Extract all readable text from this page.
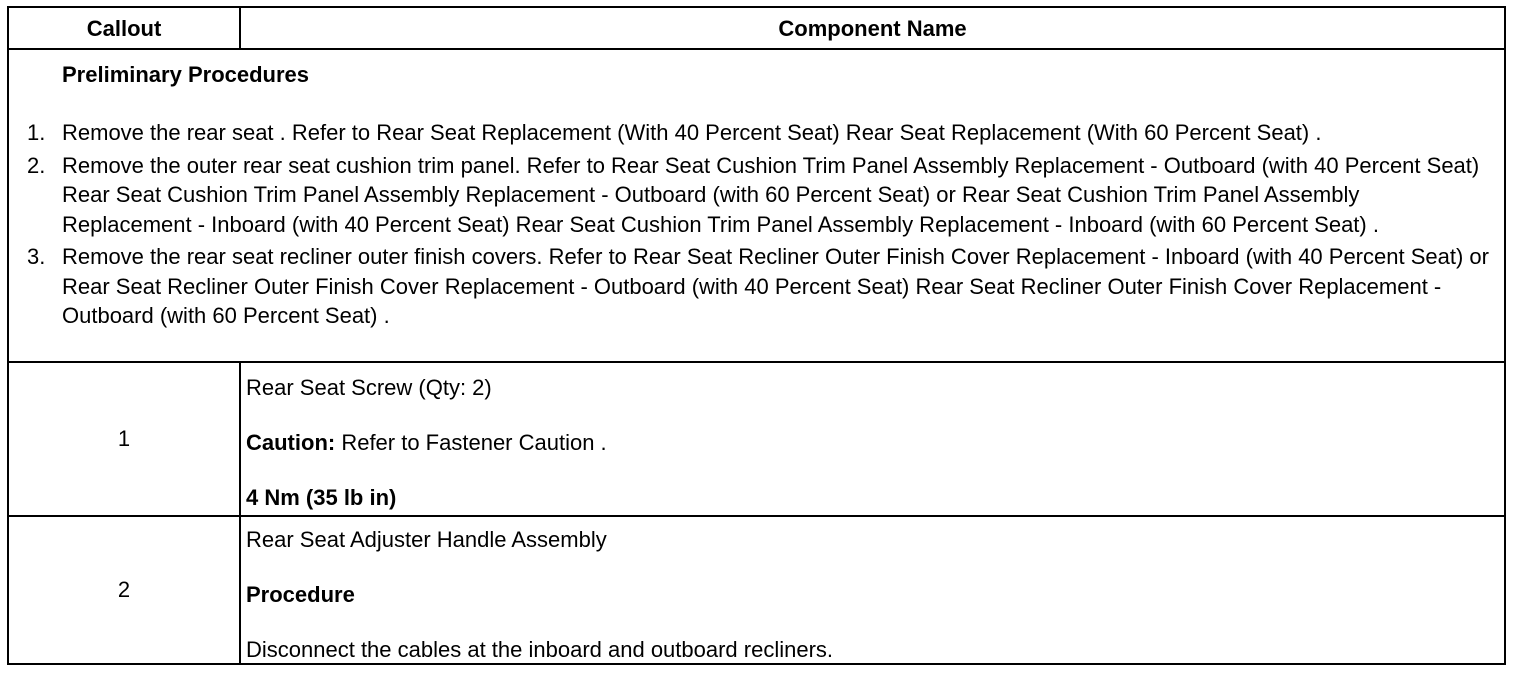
Callout	Component Name
Preliminary Procedures
1. Remove the rear seat . Refer to Rear Seat Replacement (With 40 Percent Seat) Rear Seat Replacement (With 60 Percent Seat) .
2. Remove the outer rear seat cushion trim panel. Refer to Rear Seat Cushion Trim Panel Assembly Replacement - Outboard (with 40 Percent Seat) Rear Seat Cushion Trim Panel Assembly Replacement - Outboard (with 60 Percent Seat) or Rear Seat Cushion Trim Panel Assembly Replacement - Inboard (with 40 Percent Seat) Rear Seat Cushion Trim Panel Assembly Replacement - Inboard (with 60 Percent Seat) .
3. Remove the rear seat recliner outer finish covers. Refer to Rear Seat Recliner Outer Finish Cover Replacement - Inboard (with 40 Percent Seat) or Rear Seat Recliner Outer Finish Cover Replacement - Outboard (with 40 Percent Seat) Rear Seat Recliner Outer Finish Cover Replacement - Outboard (with 60 Percent Seat) .
1
Rear Seat Screw (Qty: 2)
Caution: Refer to Fastener Caution .
4 Nm (35 lb in)
2
Rear Seat Adjuster Handle Assembly
Procedure
Disconnect the cables at the inboard and outboard recliners.
